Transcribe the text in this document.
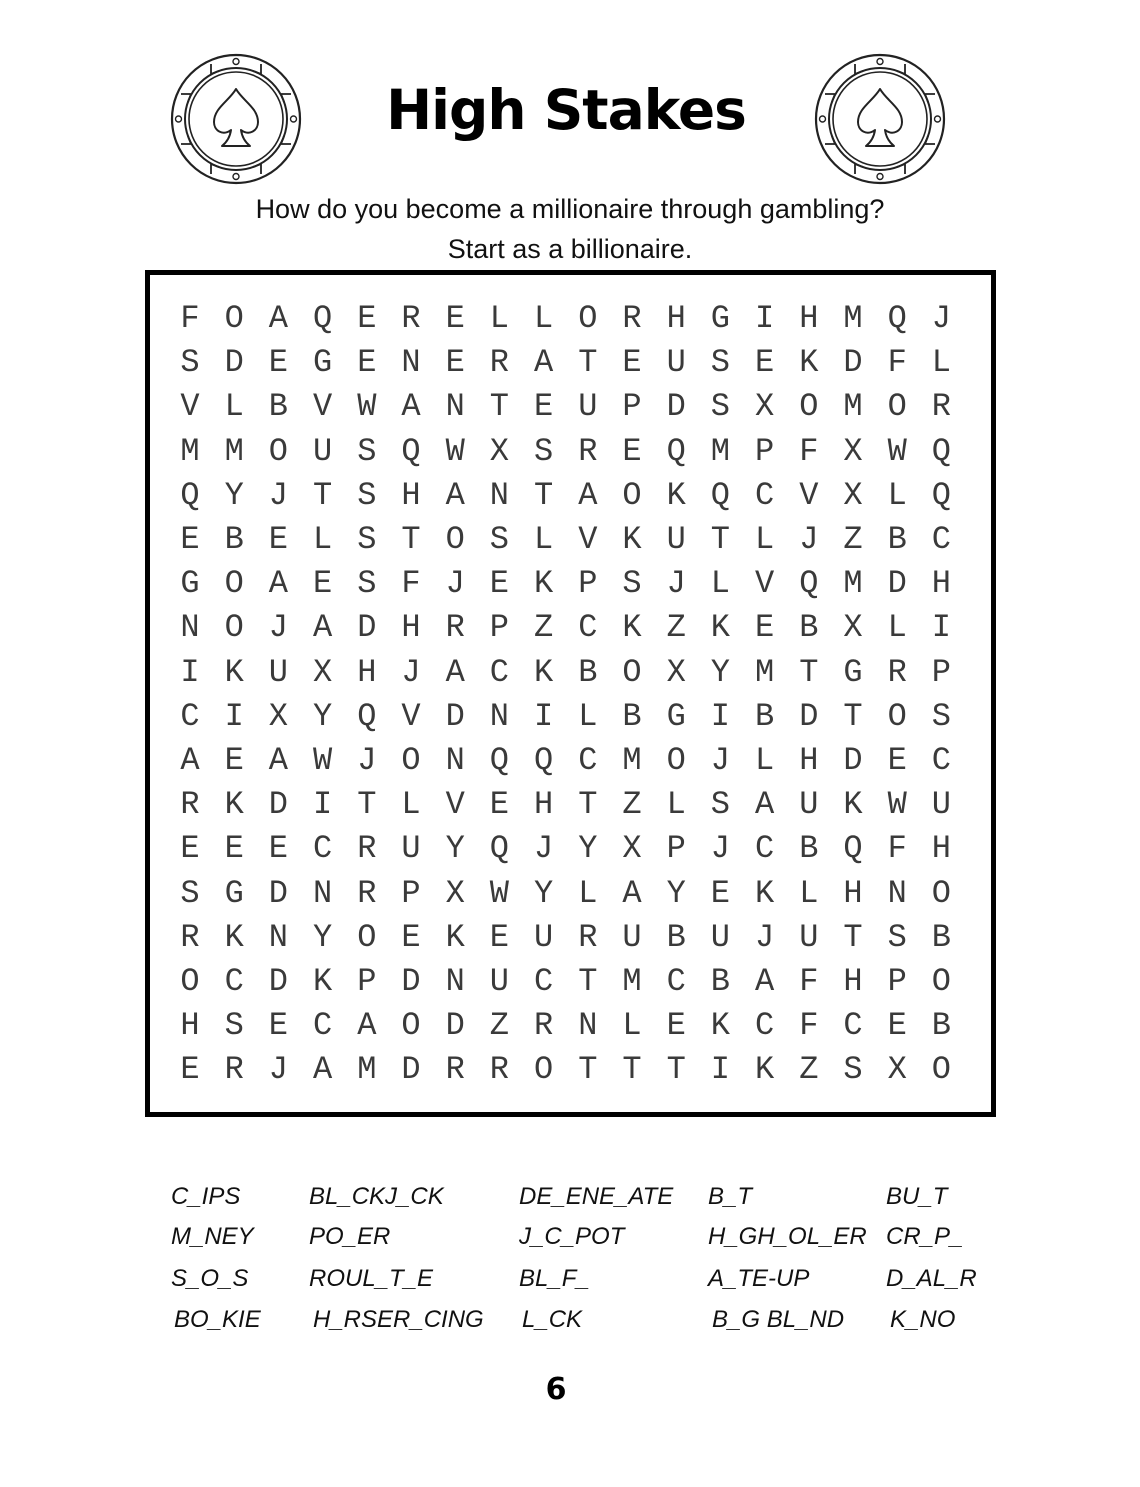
High Stakes
How do you become a millionaire through gambling?
Start as a billionaire.
F O A Q E R E L L O R H G I H M Q J
S D E G E N E R A T E U S E K D F L
V L B V W A N T E U P D S X O M O R
M M O U S Q W X S R E Q M P F X W Q
Q Y J T S H A N T A O K Q C V X L Q
E B E L S T O S L V K U T L J Z B C
G O A E S F J E K P S J L V Q M D H
N O J A D H R P Z C K Z K E B X L I
I K U X H J A C K B O X Y M T G R P
C I X Y Q V D N I L B G I B D T O S
A E A W J O N Q Q C M O J L H D E C
R K D I T L V E H T Z L S A U K W U
E E E C R U Y Q J Y X P J C B Q F H
S G D N R P X W Y L A Y E K L H N O
R K N Y O E K E U R U B U J U T S B
O C D K P D N U C T M C B A F H P O
H S E C A O D Z R N L E K C F C E B
E R J A M D R R O T T T I K Z S X O
C_IPS	BL_CKJ_CK	DE_ENE_ATE B_T	BU_T
M_NEY PO_ER	J_C_POT	H_GH_OL_ER CR_P_
S_O_S	ROUL_T_E	BL_F_	A_TE-UP	D_AL_R
BO_KIE H_RSER_CING L_CK	B_G BL_ND K_NO
6
